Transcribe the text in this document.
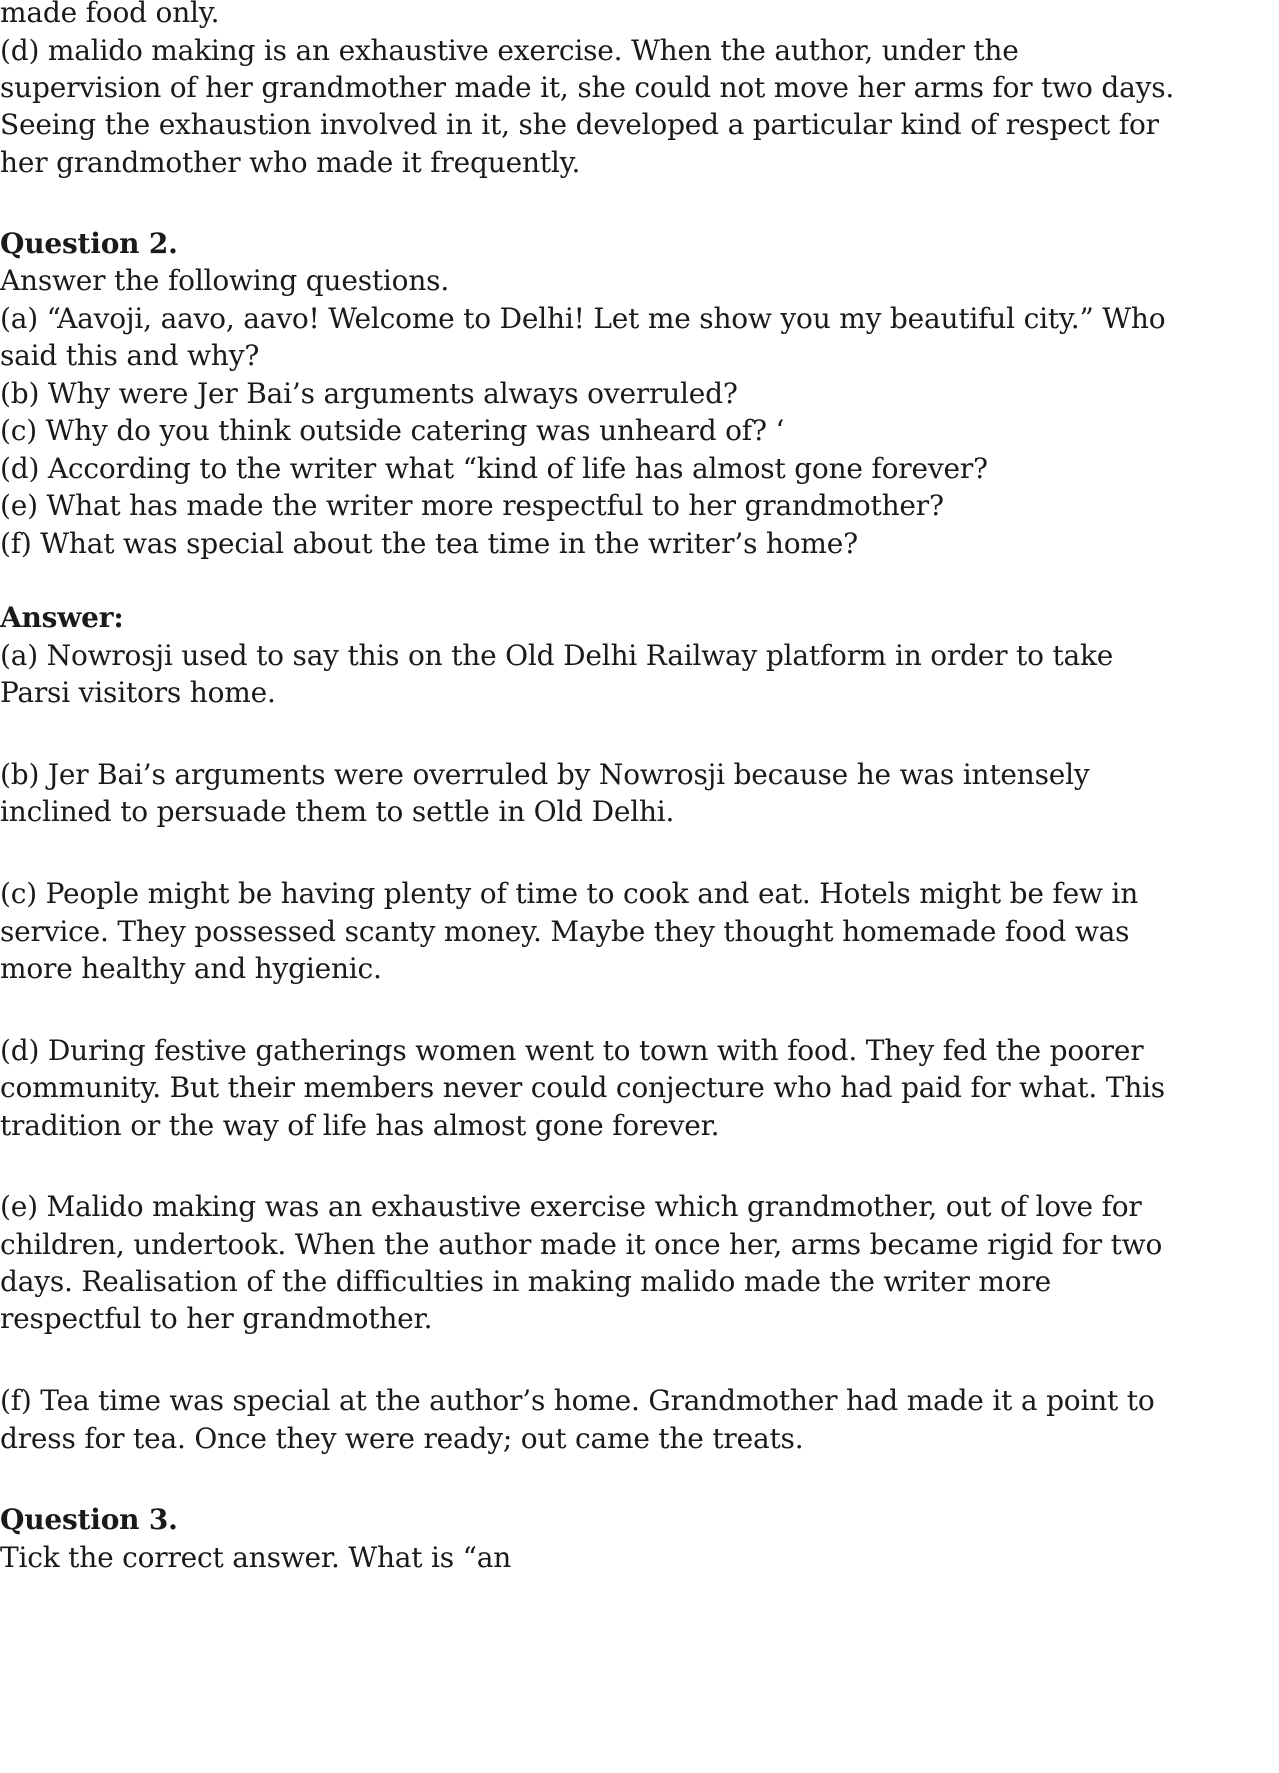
made food only.
(d) malido making is an exhaustive exercise. When the author, under the
supervision of her grandmother made it, she could not move her arms for two days.
Seeing the exhaustion involved in it, she developed a particular kind of respect for
her grandmother who made it frequently.
Question 2.
Answer the following questions.
(a) “Aavoji, aavo, aavo! Welcome to Delhi! Let me show you my beautiful city.” Who
said this and why?
(b) Why were Jer Bai’s arguments always overruled?
(c) Why do you think outside catering was unheard of? ‘
(d) According to the writer what “kind of life has almost gone forever?
(e) What has made the writer more respectful to her grandmother?
(f) What was special about the tea time in the writer’s home?
Answer:
(a) Nowrosji used to say this on the Old Delhi Railway platform in order to take
Parsi visitors home.
(b) Jer Bai’s arguments were overruled by Nowrosji because he was intensely
inclined to persuade them to settle in Old Delhi.
(c) People might be having plenty of time to cook and eat. Hotels might be few in
service. They possessed scanty money. Maybe they thought homemade food was
more healthy and hygienic.
(d) During festive gatherings women went to town with food. They fed the poorer
community. But their members never could conjecture who had paid for what. This
tradition or the way of life has almost gone forever.
(e) Malido making was an exhaustive exercise which grandmother, out of love for
children, undertook. When the author made it once her, arms became rigid for two
days. Realisation of the difficulties in making malido made the writer more
respectful to her grandmother.
(f) Tea time was special at the author’s home. Grandmother had made it a point to
dress for tea. Once they were ready; out came the treats.
Question 3.
Tick the correct answer. What is “an
